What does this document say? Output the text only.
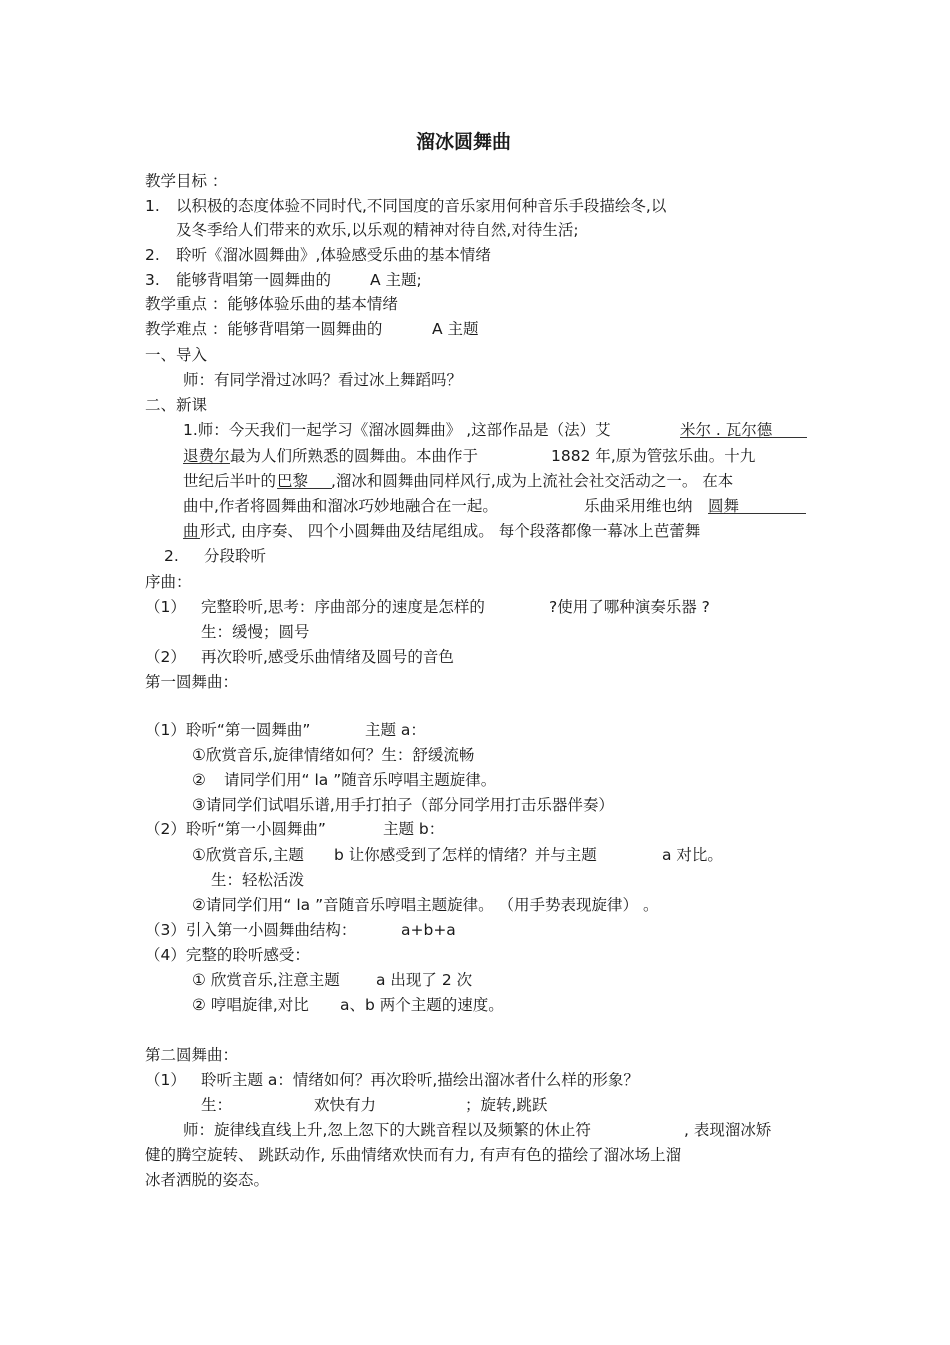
溜冰圆舞曲
教学目标 ：
1. 以积极的态度体验不同时代,不同国度的音乐家用何种音乐手段描绘冬,以
及冬季给人们带来的欢乐,以乐观的精神对待自然,对待生活;
2. 聆听《溜冰圆舞曲》,体验感受乐曲的基本情绪
3. 能够背唱第一圆舞曲的	A 主题;
教学重点 ：能够体验乐曲的基本情绪
教学难点 ：能够背唱第一圆舞曲的	A 主题
一、导入
师：有同学滑过冰吗？看过冰上舞蹈吗？
二、新课
1.师：今天我们一起学习《溜冰圆舞曲》 ,这部作品是（法）艾	米尔 . 瓦尔德
退费尔 最为人们所熟悉的圆舞曲。本曲作于	1882 年,原为管弦乐曲。十九
世纪后半叶的 巴黎 ,溜冰和圆舞曲同样风行,成为上流社会社交活动之一。 在本
曲中,作者将圆舞曲和溜冰巧妙地融合在一起。	乐曲采用维也纳 圆舞
曲 形式, 由序奏、 四个小圆舞曲及结尾组成。 每个段落都像一幕冰上芭蕾舞
2. 分段聆听
序曲：
（1） 完整聆听,思考：序曲部分的速度是怎样的	?使用了哪种演奏乐器 ?
生：缓慢；圆号
（2） 再次聆听,感受乐曲情绪及圆号的音色
第一圆舞曲：
（1）聆听“第一圆舞曲”	主题 a：
①欣赏音乐,旋律情绪如何？生：舒缓流畅
② 请同学们用“ la ”随音乐哼唱主题旋律。
③请同学们试唱乐谱,用手打拍子（部分同学用打击乐器伴奏）
（2）聆听“第一小圆舞曲”	主题 b：
①欣赏音乐,主题 b 让你感受到了怎样的情绪？并与主题	a 对比。
生：轻松活泼
②请同学们用“ la ”音随音乐哼唱主题旋律。 （用手势表现旋律） 。
（3）引入第一小圆舞曲结构：	a+b+a
（4）完整的聆听感受：
① 欣赏音乐,注意主题 a 出现了 2 次
② 哼唱旋律,对比 a、b 两个主题的速度。
第二圆舞曲：
（1） 聆听主题 a：情绪如何？再次聆听,描绘出溜冰者什么样的形象？
生：	欢快有力	；旋转,跳跃
师：旋律线直线上升,忽上忽下的大跳音程以及频繁的休止符	, 表现溜冰矫
健的腾空旋转、 跳跃动作, 乐曲情绪欢快而有力, 有声有色的描绘了溜冰场上溜
冰者洒脱的姿态。
